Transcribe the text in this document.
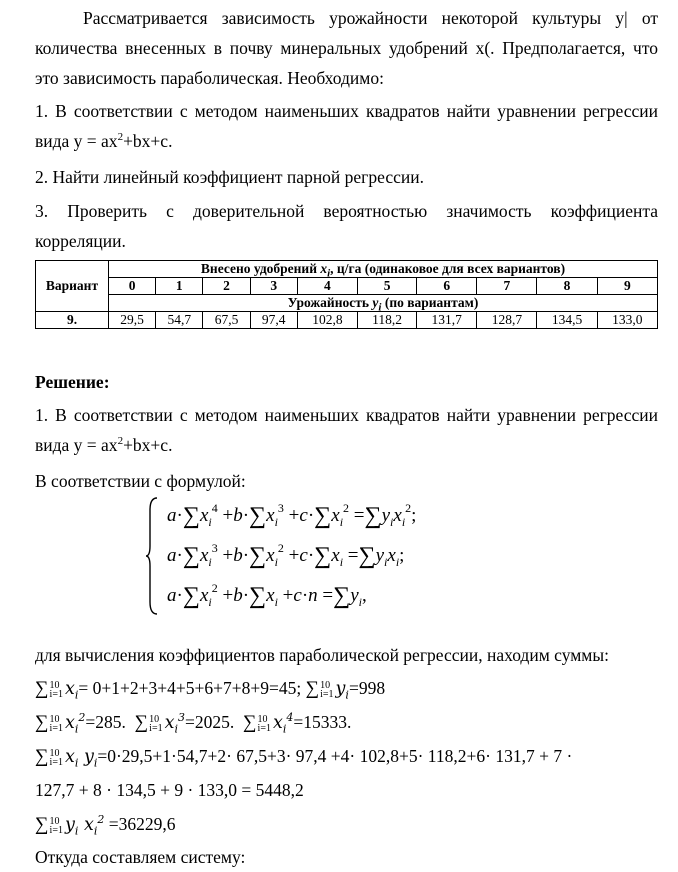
Рассматривается зависимость урожайности некоторой культуры y| от количества внесенных в почву минеральных удобрений x(. Предполагается, что это зависимость параболическая. Необходимо:

1. В соответствии с методом наименьших квадратов найти уравнении регрессии вида $y = ax^2+bx+c$.

2. Найти линейный коэффициент парной регрессии.

3. Проверить с доверительной вероятностью значимость коэффициента корреляции.

Вариант	Внесено удобрений $x_i$, ц/га (одинаковое для всех вариантов)									
	0	1	2	3	4	5	6	7	8	9
	Урожайность $y_i$ (по вариантам)									
9.	29,5	54,7	67,5	97,4	102,8	118,2	131,7	128,7	134,5	133,0

Решение:

1. В соответствии с методом наименьших квадратов найти уравнении регрессии вида $y = ax^2+bx+c$.

В соответствии с формулой:

$a\cdot\sum x_i^4 +b\cdot\sum x_i^3 +c\cdot\sum x_i^2 =\sum y_ix_i^2$;
$a\cdot\sum x_i^3 +b\cdot\sum x_i^2 +c\cdot\sum x_i =\sum y_ix_i$;
$a\cdot\sum x_i^2 +b\cdot\sum x_i +c\cdot n =\sum y_i$,

для вычисления коэффициентов параболической регрессии, находим суммы:

∑10
i=1 $x_i= 0+1+2+3+4+5+6+7+8+9=45$; ∑10
i=1 $y_i=998$
∑10
i=1 $x_i^2=285$. ∑10
i=1 $x_i^3=2025$. ∑10
i=1 $x_i^4=15333$.
∑10
i=1 $x_i$ $y_i=0\cdot 29,5+1\cdot 54,7+2\cdot 67,5+3\cdot 97,4 +4\cdot 102,8+5\cdot 118,2+6\cdot 131,7 + 7$ ·
127,7 + 8 · 134,5 + 9 · 133,0 = 5448,2
∑10
i=1 $y_i$ $x_i^2 =36229,6$

Откуда составляем систему:
